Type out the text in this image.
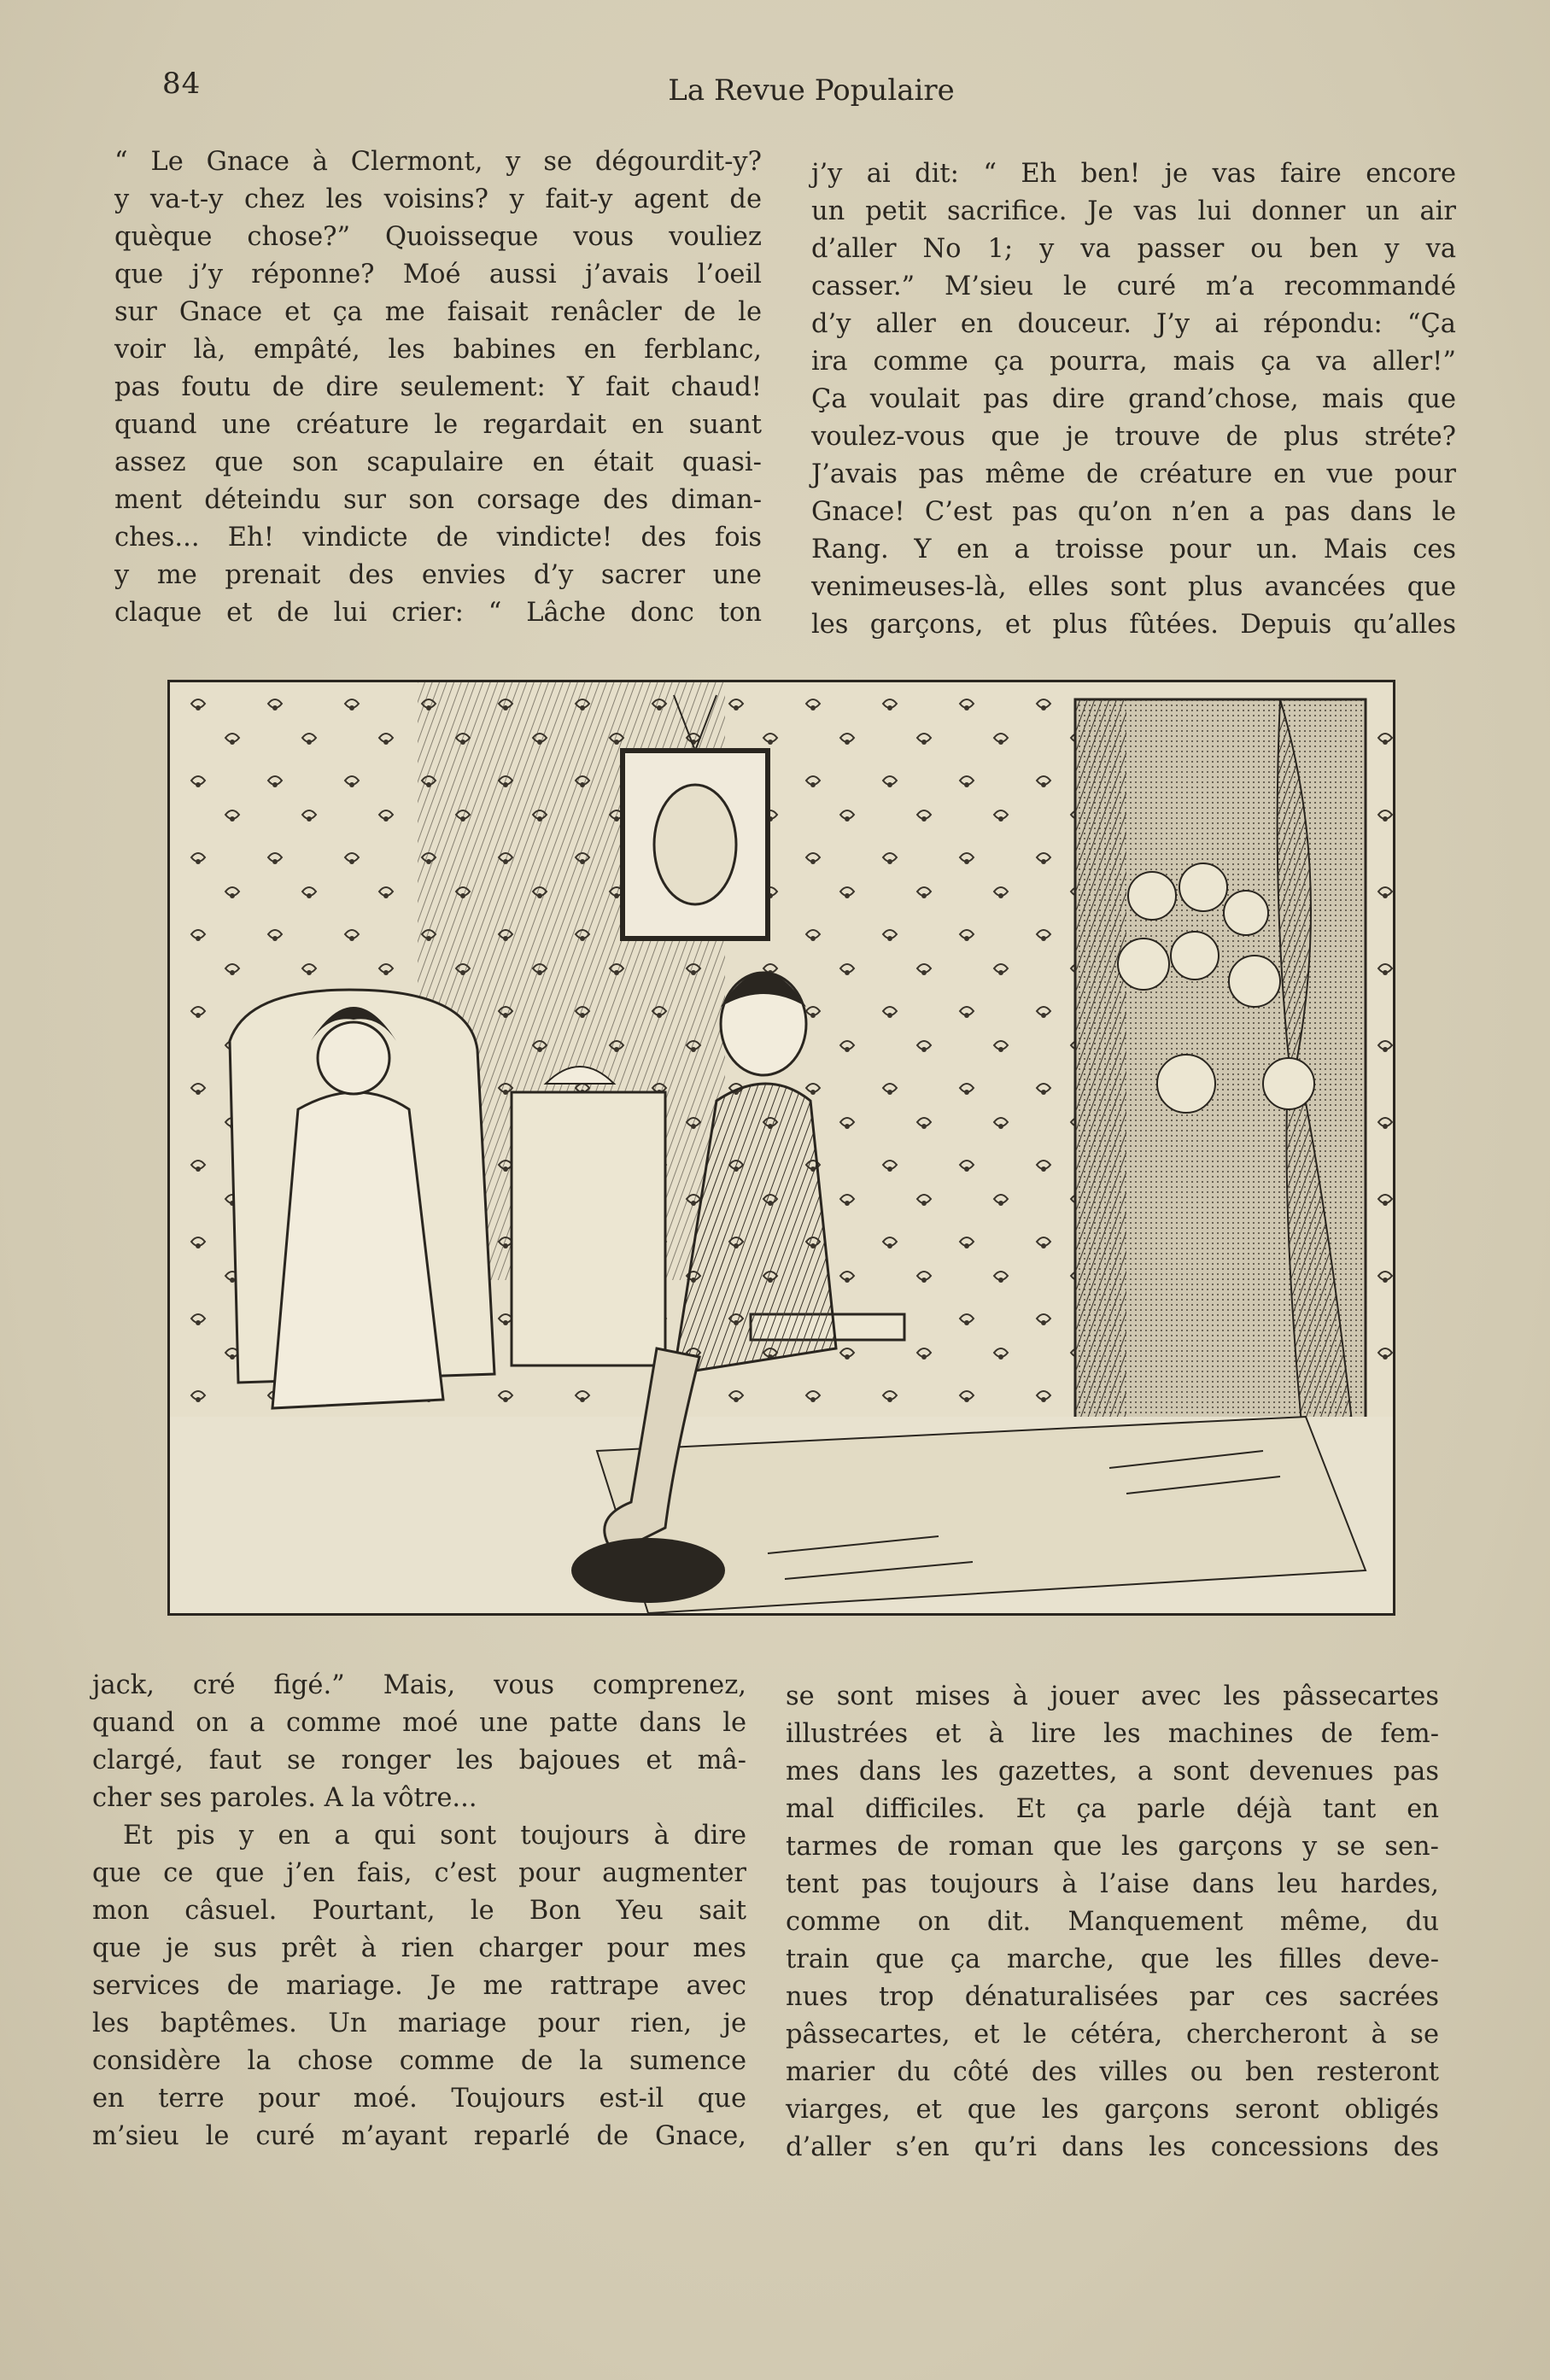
84	La Revue Populaire

“ Le Gnace à Clermont, y se dégourdit-y?

y va-t-y chez les voisins? y fait-y agent de

quèque chose?” Quoisseque vous vouliez

que j’y réponne? Moé aussi j’avais l’oeil

sur Gnace et ça me faisait renâcler de le

voir là, empâté, les babines en ferblanc,

pas foutu de dire seulement: Y fait chaud!

quand une créature le regardait en suant

assez que son scapulaire en était quasi-

ment déteindu sur son corsage des diman-

ches... Eh! vindicte de vindicte! des fois

y me prenait des envies d’y sacrer une

claque et de lui crier: “ Lâche donc ton

j’y ai dit: “ Eh ben! je vas faire encore

un petit sacrifice. Je vas lui donner un air

d’aller No 1; y va passer ou ben y va

casser.” M’sieu le curé m’a recommandé

d’y aller en douceur. J’y ai répondu: “Ça

ira comme ça pourra, mais ça va aller!”

Ça voulait pas dire grand’chose, mais que

voulez-vous que je trouve de plus stréte?

J’avais pas même de créature en vue pour

Gnace! C’est pas qu’on n’en a pas dans le

Rang. Y en a troisse pour un. Mais ces

venimeuses-là, elles sont plus avancées que

les garçons, et plus fûtées. Depuis qu’alles

jack, cré figé.” Mais, vous comprenez,

quand on a comme moé une patte dans le

clargé, faut se ronger les bajoues et mâ-

cher ses paroles. A la vôtre...

Et pis y en a qui sont toujours à dire

que ce que j’en fais, c’est pour augmenter

mon câsuel. Pourtant, le Bon Yeu sait

que je sus prêt à rien charger pour mes

services de mariage. Je me rattrape avec

les baptêmes. Un mariage pour rien, je

considère la chose comme de la sumence

en terre pour moé. Toujours est-il que

m’sieu le curé m’ayant reparlé de Gnace,

se sont mises à jouer avec les pâssecartes

illustrées et à lire les machines de fem-

mes dans les gazettes, a sont devenues pas

mal difficiles. Et ça parle déjà tant en

tarmes de roman que les garçons y se sen-

tent pas toujours à l’aise dans leu hardes,

comme on dit. Manquement même, du

train que ça marche, que les filles deve-

nues trop dénaturalisées par ces sacrées

pâssecartes, et le cétéra, chercheront à se

marier du côté des villes ou ben resteront

viarges, et que les garçons seront obligés

d’aller s’en qu’ri dans les concessions des
